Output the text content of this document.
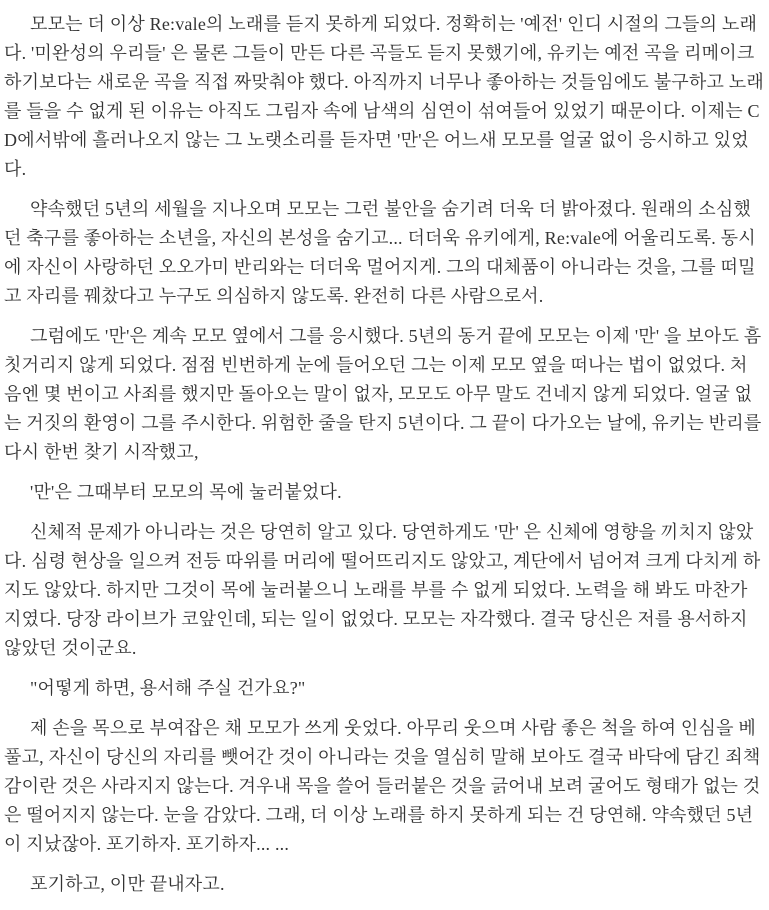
모모는 더 이상 Re:vale의 노래를 듣지 못하게 되었다. 정확히는 '예전' 인디 시절의 그들의 노래다. '미완성의 우리들' 은 물론 그들이 만든 다른 곡들도 듣지 못했기에, 유키는 예전 곡을 리메이크하기보다는 새로운 곡을 직접 짜맞춰야 했다. 아직까지 너무나 좋아하는 것들임에도 불구하고 노래를 들을 수 없게 된 이유는 아직도 그림자 속에 남색의 심연이 섞여들어 있었기 때문이다. 이제는 CD에서밖에 흘러나오지 않는 그 노랫소리를 듣자면 '만'은 어느새 모모를 얼굴 없이 응시하고 있었다.

약속했던 5년의 세월을 지나오며 모모는 그런 불안을 숨기려 더욱 더 밝아졌다. 원래의 소심했던 축구를 좋아하는 소년을, 자신의 본성을 숨기고... 더더욱 유키에게, Re:vale에 어울리도록. 동시에 자신이 사랑하던 오오가미 반리와는 더더욱 멀어지게. 그의 대체품이 아니라는 것을, 그를 떠밀고 자리를 꿰찼다고 누구도 의심하지 않도록. 완전히 다른 사람으로서.

그럼에도 '만'은 계속 모모 옆에서 그를 응시했다. 5년의 동거 끝에 모모는 이제 '만' 을 보아도 흠칫거리지 않게 되었다. 점점 빈번하게 눈에 들어오던 그는 이제 모모 옆을 떠나는 법이 없었다. 처음엔 몇 번이고 사죄를 했지만 돌아오는 말이 없자, 모모도 아무 말도 건네지 않게 되었다. 얼굴 없는 거짓의 환영이 그를 주시한다. 위험한 줄을 탄지 5년이다. 그 끝이 다가오는 날에, 유키는 반리를 다시 한번 찾기 시작했고,

'만'은 그때부터 모모의 목에 눌러붙었다.

신체적 문제가 아니라는 것은 당연히 알고 있다. 당연하게도 '만' 은 신체에 영향을 끼치지 않았다. 심령 현상을 일으켜 전등 따위를 머리에 떨어뜨리지도 않았고, 계단에서 넘어져 크게 다치게 하지도 않았다. 하지만 그것이 목에 눌러붙으니 노래를 부를 수 없게 되었다. 노력을 해 봐도 마찬가지였다. 당장 라이브가 코앞인데, 되는 일이 없었다. 모모는 자각했다. 결국 당신은 저를 용서하지 않았던 것이군요.

"어떻게 하면, 용서해 주실 건가요?"

제 손을 목으로 부여잡은 채 모모가 쓰게 웃었다. 아무리 웃으며 사람 좋은 척을 하여 인심을 베풀고, 자신이 당신의 자리를 뺏어간 것이 아니라는 것을 열심히 말해 보아도 결국 바닥에 담긴 죄책감이란 것은 사라지지 않는다. 겨우내 목을 쓸어 들러붙은 것을 긁어내 보려 굴어도 형태가 없는 것은 떨어지지 않는다. 눈을 감았다. 그래, 더 이상 노래를 하지 못하게 되는 건 당연해. 약속했던 5년이 지났잖아. 포기하자. 포기하자... ...

포기하고, 이만 끝내자고.
